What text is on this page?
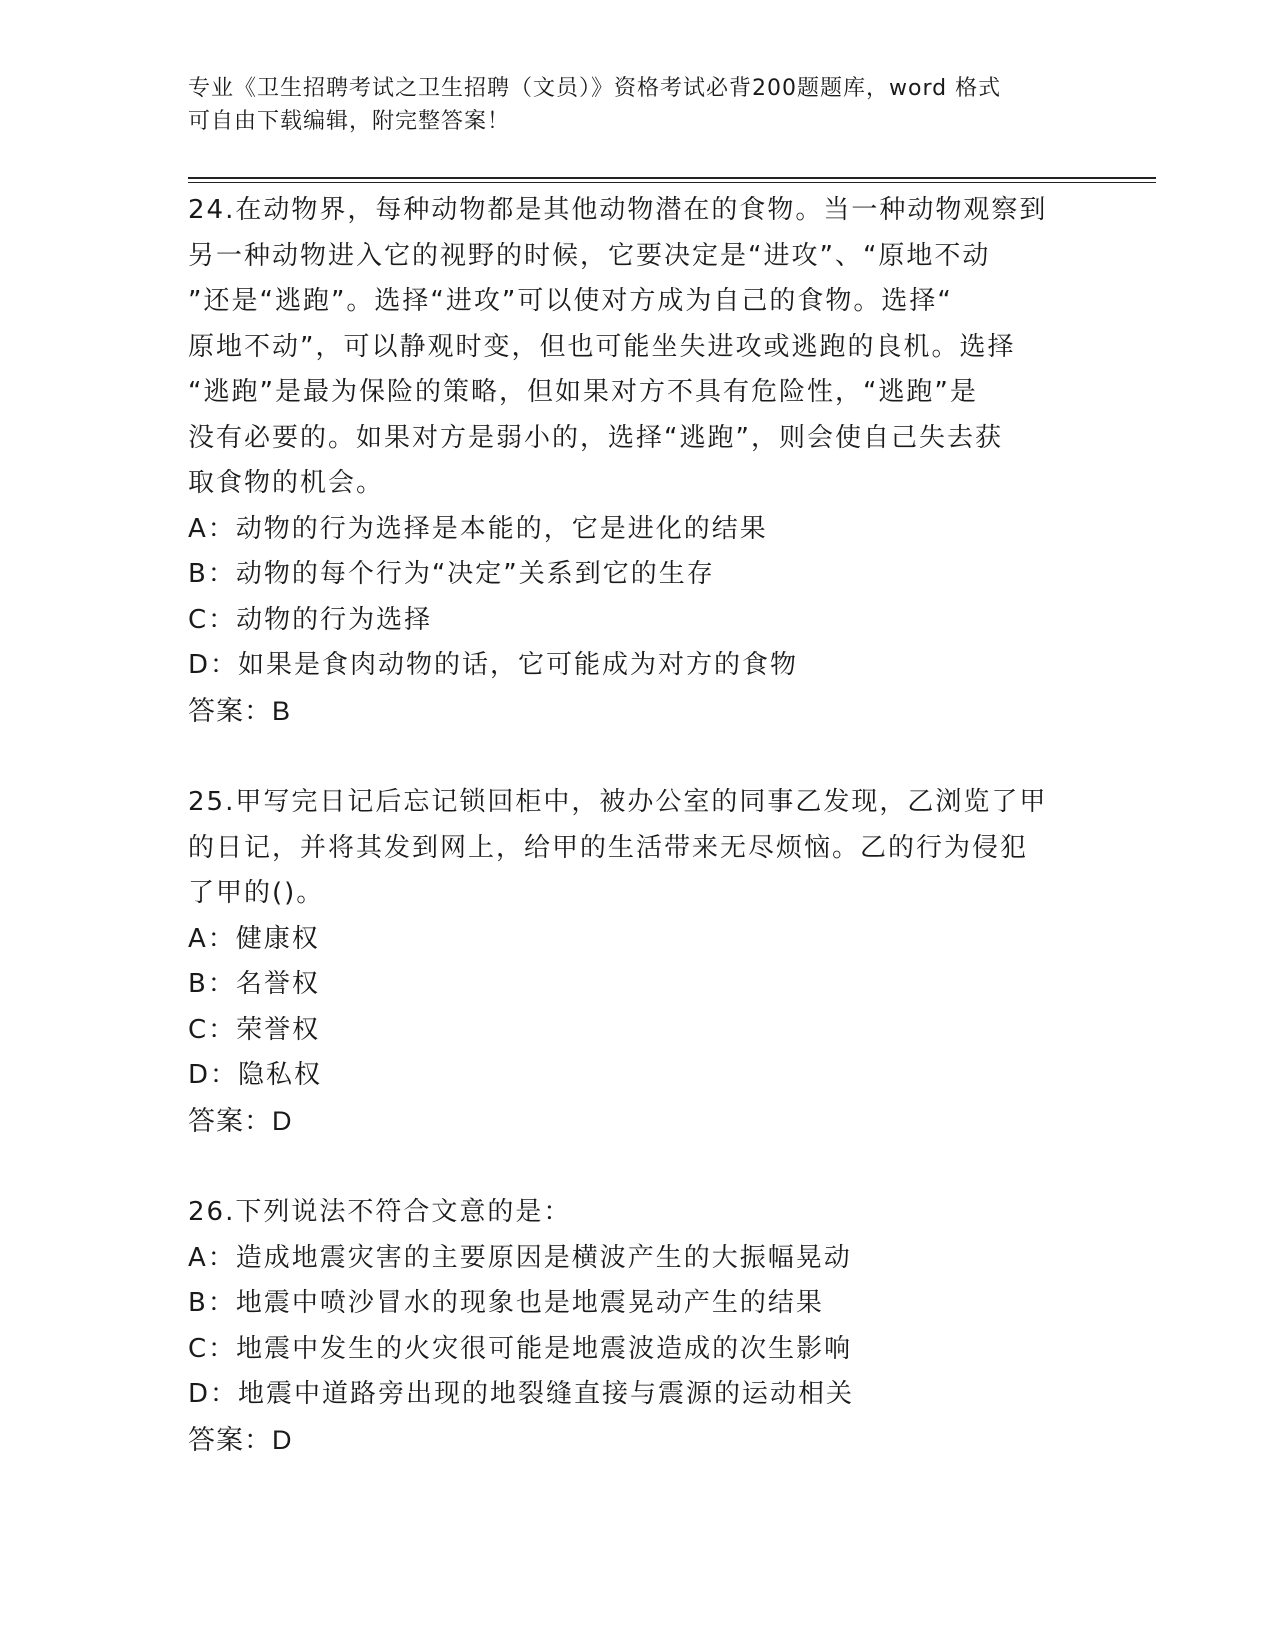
专业《卫生招聘考试之卫生招聘（文员）》资格考试必背200题题库，word 格式

可自由下载编辑，附完整答案！

24.在动物界，每种动物都是其他动物潜在的食物。当一种动物观察到

另一种动物进入它的视野的时候，它要决定是“进攻”、“原地不动

”还是“逃跑”。选择“进攻”可以使对方成为自己的食物。选择“

原地不动”，可以静观时变，但也可能坐失进攻或逃跑的良机。选择

“逃跑”是最为保险的策略，但如果对方不具有危险性，“逃跑”是

没有必要的。如果对方是弱小的，选择“逃跑”，则会使自己失去获

取食物的机会。

A：动物的行为选择是本能的，它是进化的结果

B：动物的每个行为“决定”关系到它的生存

C：动物的行为选择

D：如果是食肉动物的话，它可能成为对方的食物

答案：B

25.甲写完日记后忘记锁回柜中，被办公室的同事乙发现，乙浏览了甲

的日记，并将其发到网上，给甲的生活带来无尽烦恼。乙的行为侵犯

了甲的()。

A：健康权

B：名誉权

C：荣誉权

D：隐私权

答案：D

26.下列说法不符合文意的是：

A：造成地震灾害的主要原因是横波产生的大振幅晃动

B：地震中喷沙冒水的现象也是地震晃动产生的结果

C：地震中发生的火灾很可能是地震波造成的次生影响

D：地震中道路旁出现的地裂缝直接与震源的运动相关

答案：D
